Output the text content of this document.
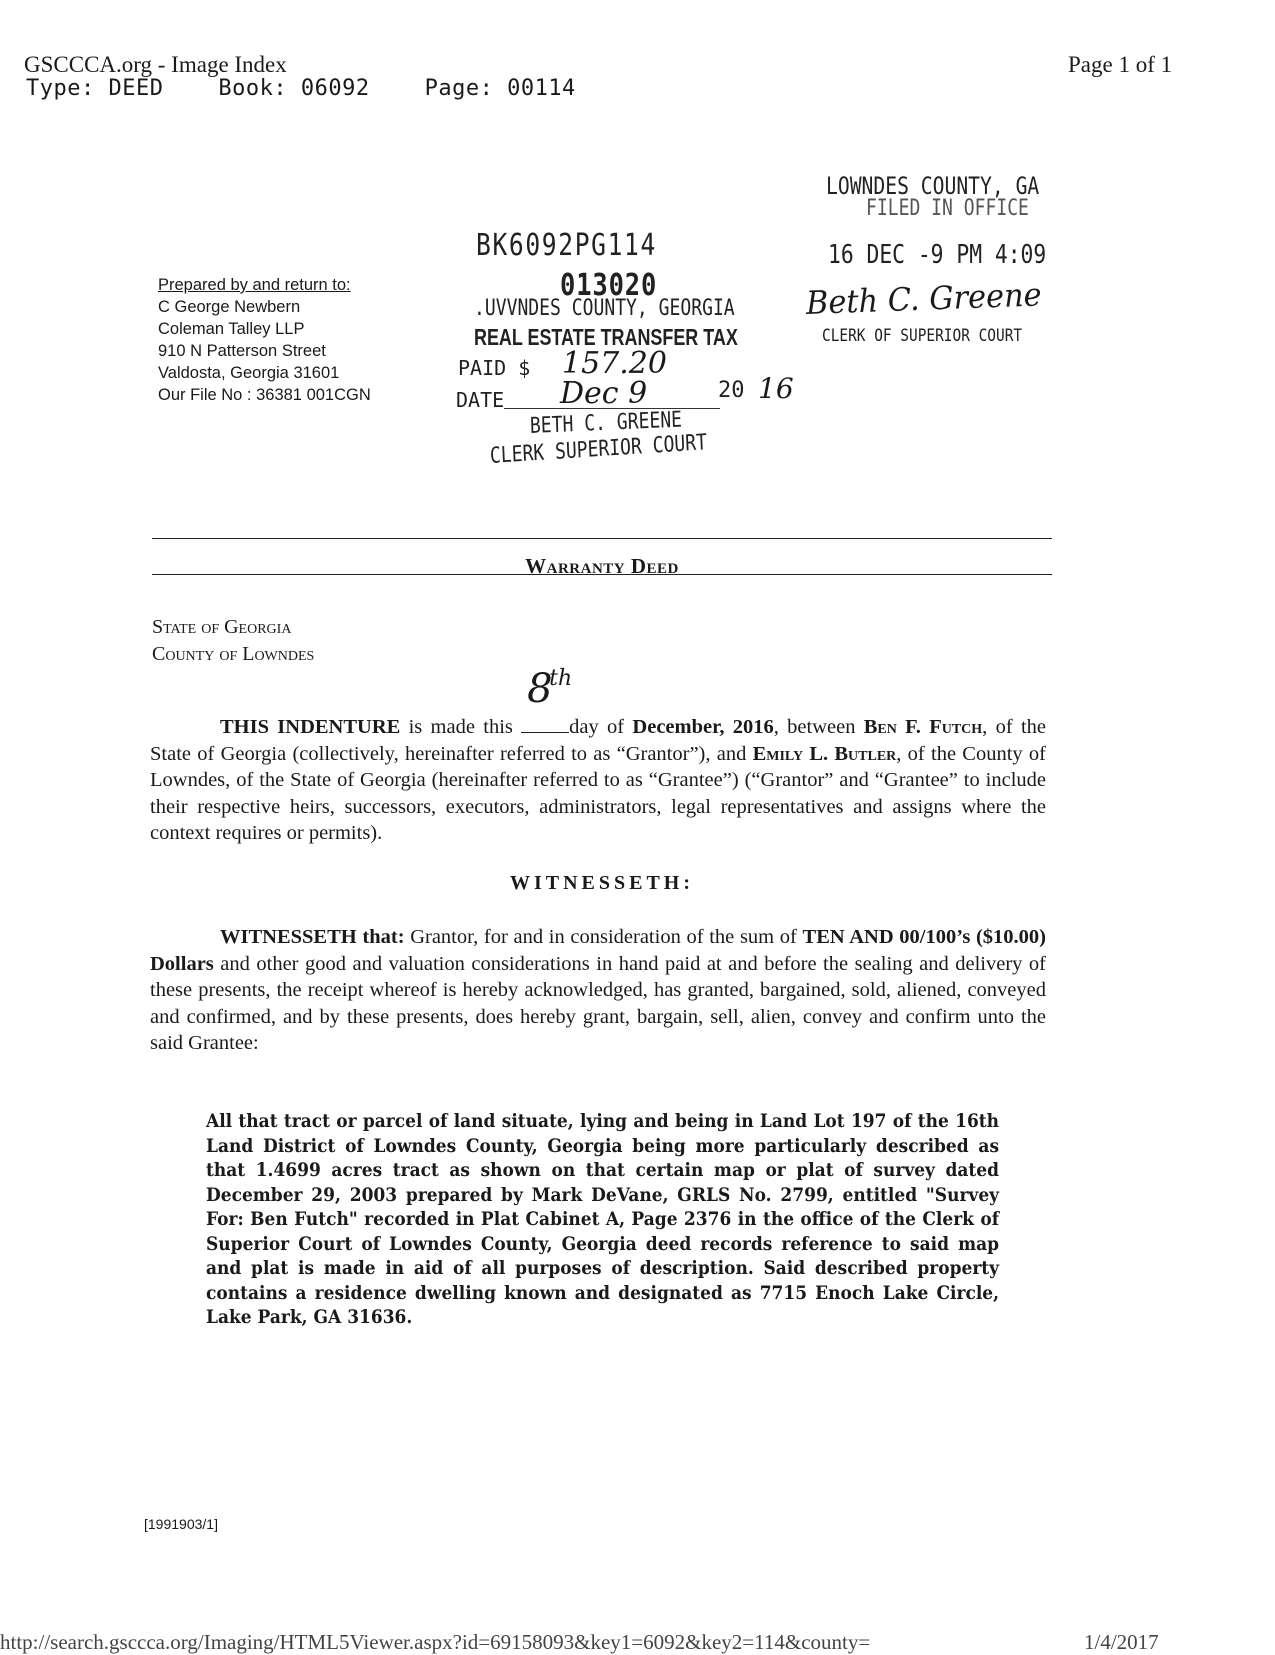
GSCCCA.org - Image Index
Type: DEED    Book: 06092    Page: 00114
Page 1 of 1
Prepared by and return to:
C George Newbern
Coleman Talley LLP
910 N Patterson Street
Valdosta, Georgia 31601
Our File No : 36381 001CGN
BK6092PG114
013020
.UVVNDES COUNTY, GEORGIA
REAL ESTATE TRANSFER TAX
PAID $ 157.20
DATE Dec 9	20 16
BETH C. GREENE
CLERK SUPERIOR COURT
LOWNDES COUNTY, GA
FILED IN OFFICE
16 DEC -9 PM 4:09
Beth C. Greene
CLERK OF SUPERIOR COURT
Warranty Deed
State of Georgia
County of Lowndes
THIS INDENTURE is made this
8
th
day of December, 2016, between Ben F. Futch, of the State of Georgia (collectively, hereinafter referred to as “Grantor”), and Emily L. Butler, of the County of Lowndes, of the State of Georgia (hereinafter referred to as “Grantee”) (“Grantor” and “Grantee” to include their respective heirs, successors, executors, administrators, legal representatives and assigns where the context requires or permits).
WITNESSETH:
WITNESSETH that: Grantor, for and in consideration of the sum of TEN AND 00/100’s ($10.00) Dollars and other good and valuation considerations in hand paid at and before the sealing and delivery of these presents, the receipt whereof is hereby acknowledged, has granted, bargained, sold, aliened, conveyed and confirmed, and by these presents, does hereby grant, bargain, sell, alien, convey and confirm unto the said Grantee:
All that tract or parcel of land situate, lying and being in Land Lot 197 of the 16th Land District of Lowndes County, Georgia being more particularly described as that 1.4699 acres tract as shown on that certain map or plat of survey dated December 29, 2003 prepared by Mark DeVane, GRLS No. 2799, entitled "Survey For: Ben Futch" recorded in Plat Cabinet A, Page 2376 in the office of the Clerk of Superior Court of Lowndes County, Georgia deed records reference to said map and plat is made in aid of all purposes of description. Said described property contains a residence dwelling known and designated as 7715 Enoch Lake Circle, Lake Park, GA 31636.
[1991903/1]
http://search.gsccca.org/Imaging/HTML5Viewer.aspx?id=69158093&key1=6092&key2=114&county=	1/4/2017
